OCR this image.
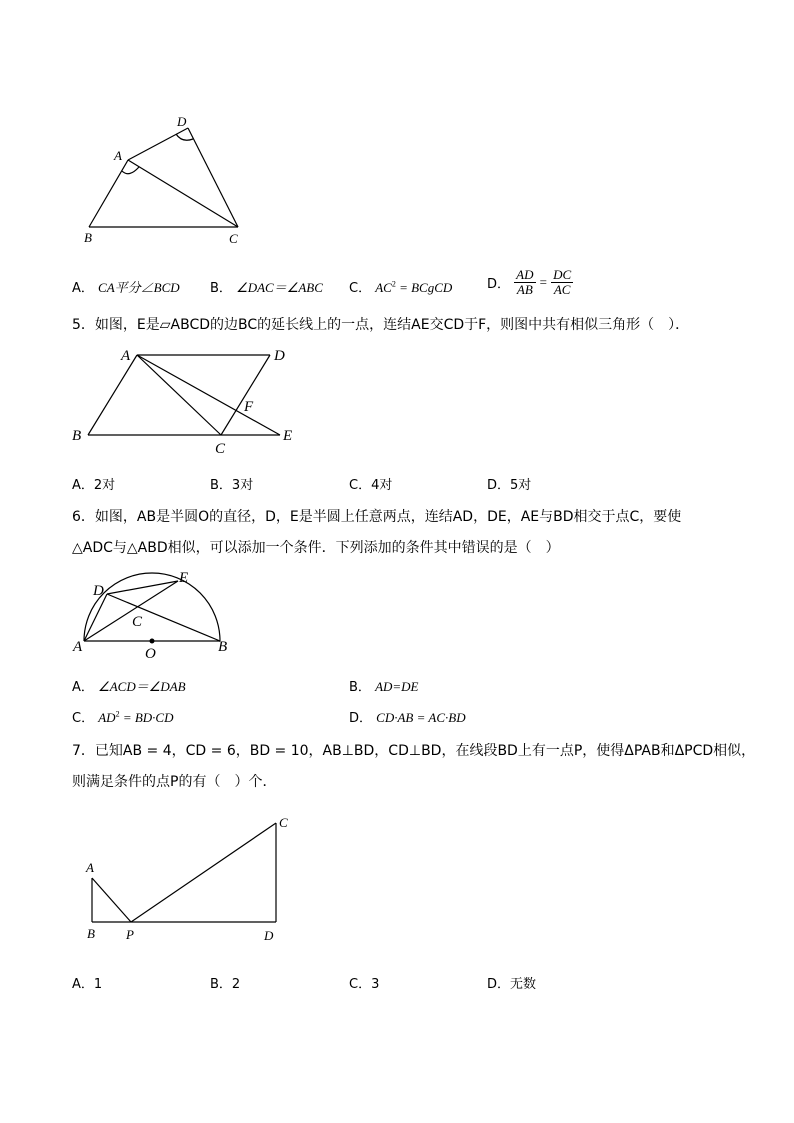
D
A
B	C
A． CA平分∠BCD B． ∠DAC＝∠ABC C． $AC^2$ = BCgCD	D． $\frac{AD}{AB} = \frac{DC}{AC}$
5．如图，E是▱ABCD的边BC的延长线上的一点，连结AE交CD于F，则图中共有相似三角形（　）．
A	D
F
B
C
E
A．2对	B．3对	C．4对	D．5对
6．如图，AB是半圆O的直径，D，E是半圆上任意两点，连结AD，DE，AE与BD相交于点C，要使
△ADC与△ABD相似，可以添加一个条件．下列添加的条件其中错误的是（　）
D
E
C
A	O	B
A． ∠ACD＝∠DAB	B． AD=DE
C． $AD^2 = BD\cdot CD$	D． CD·AB = AC·BD
7．已知AB = 4，CD = 6，BD = 10，AB⊥BD，CD⊥BD，在线段BD上有一点P，使得ΔPAB和ΔPCD相似，
则满足条件的点P的有（　）个．
C
A
B P	D
A．1	B．2	C．3	D．无数
